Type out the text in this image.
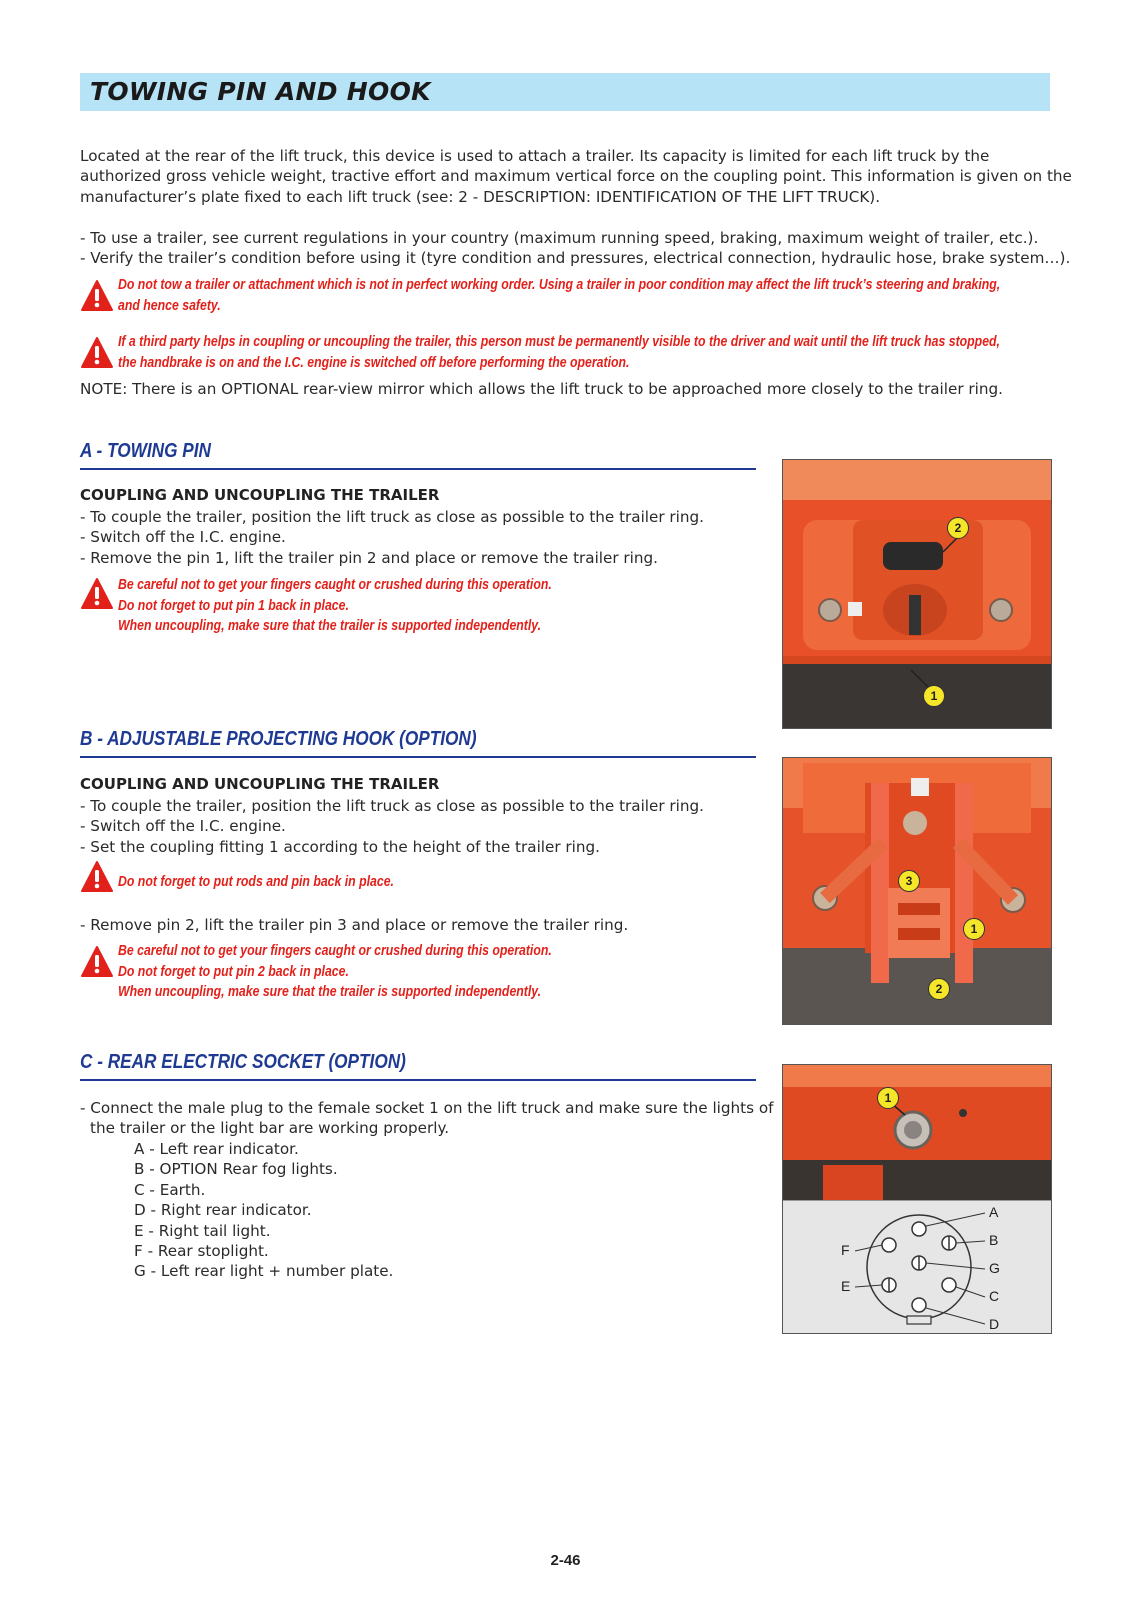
TOWING PIN AND HOOK
Located at the rear of the lift truck, this device is used to attach a trailer. Its capacity is limited for each lift truck by the
authorized gross vehicle weight, tractive effort and maximum vertical force on the coupling point. This information is given on the
manufacturer’s plate fixed to each lift truck (see: 2 - DESCRIPTION: IDENTIFICATION OF THE LIFT TRUCK).
- To use a trailer, see current regulations in your country (maximum running speed, braking, maximum weight of trailer, etc.).
- Verify the trailer’s condition before using it (tyre condition and pressures, electrical connection, hydraulic hose, brake system…).
Do not tow a trailer or attachment which is not in perfect working order. Using a trailer in poor condition may affect the lift truck’s steering and braking,
and hence safety.
If a third party helps in coupling or uncoupling the trailer, this person must be permanently visible to the driver and wait until the lift truck has stopped,
the handbrake is on and the I.C. engine is switched off before performing the operation.
NOTE: There is an OPTIONAL rear-view mirror which allows the lift truck to be approached more closely to the trailer ring.
A - TOWING PIN
COUPLING AND UNCOUPLING THE TRAILER
- To couple the trailer, position the lift truck as close as possible to the trailer ring.
- Switch off the I.C. engine.
- Remove the pin 1, lift the trailer pin 2 and place or remove the trailer ring.
Be careful not to get your fingers caught or crushed during this operation.
Do not forget to put pin 1 back in place.
When uncoupling, make sure that the trailer is supported independently.
2
1
B - ADJUSTABLE PROJECTING HOOK (OPTION)
COUPLING AND UNCOUPLING THE TRAILER
- To couple the trailer, position the lift truck as close as possible to the trailer ring.
- Switch off the I.C. engine.
- Set the coupling fitting 1 according to the height of the trailer ring.
Do not forget to put rods and pin back in place.
- Remove pin 2, lift the trailer pin 3 and place or remove the trailer ring.
Be careful not to get your fingers caught or crushed during this operation.
Do not forget to put pin 2 back in place.
When uncoupling, make sure that the trailer is supported independently.
3
1
2
C - REAR ELECTRIC SOCKET (OPTION)
- Connect the male plug to the female socket 1 on the lift truck and make sure the lights of
the trailer or the light bar are working properly.
A - Left rear indicator.
B - OPTION Rear fog lights.
C - Earth.
D - Right rear indicator.
E - Right tail light.
F - Rear stoplight.
G - Left rear light + number plate.
1
A
B
G
C
D
F
E
2-46
